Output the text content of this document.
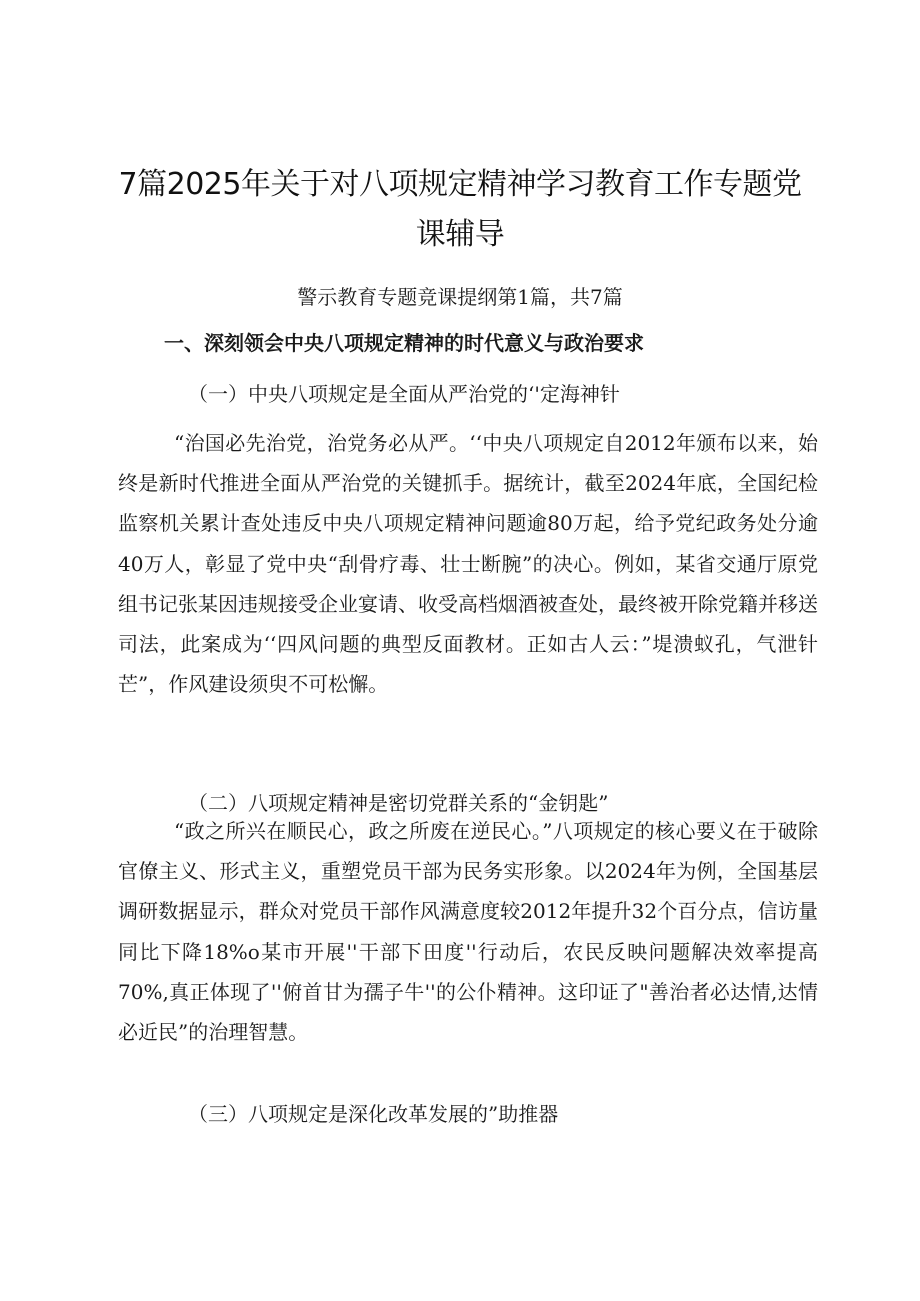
7篇2025年关于对八项规定精神学习教育工作专题党课辅导
警示教育专题竞课提纲第1篇，共7篇
一、深刻领会中央八项规定精神的时代意义与政治要求
（一）中央八项规定是全面从严治党的‘'定海神针
“治国必先治党，治党务必从严。‘‘中央八项规定自2012年颁布以来，始终是新时代推进全面从严治党的关键抓手。据统计，截至2024年底，全国纪检监察机关累计查处违反中央八项规定精神问题逾80万起，给予党纪政务处分逾40万人，彰显了党中央“刮骨疗毒、壮士断腕”的决心。例如，某省交通厅原党组书记张某因违规接受企业宴请、收受高档烟酒被查处，最终被开除党籍并移送司法，此案成为‘‘四风问题的典型反面教材。正如古人云：”堤溃蚁孔，气泄针芒”，作风建设须臾不可松懈。
（二）八项规定精神是密切党群关系的“金钥匙”
“政之所兴在顺民心，政之所废在逆民心。”八项规定的核心要义在于破除官僚主义、形式主义，重塑党员干部为民务实形象。以2024年为例，全国基层调研数据显示，群众对党员干部作风满意度较2012年提升32个百分点，信访量同比下降18%o某市开展''干部下田度''行动后，农民反映问题解决效率提高70%,真正体现了''俯首甘为孺子牛''的公仆精神。这印证了"善治者必达情,达情必近民”的治理智慧。
（三）八项规定是深化改革发展的”助推器
